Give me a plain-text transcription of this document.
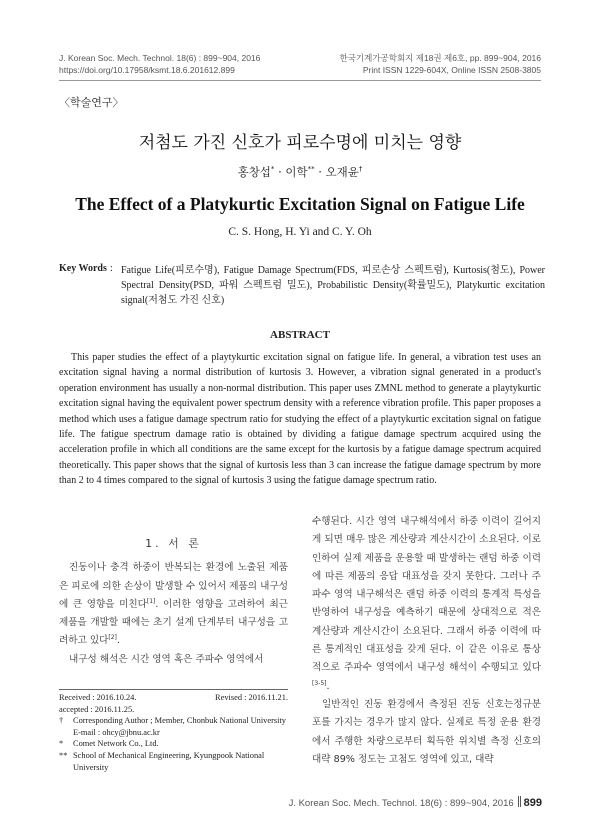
J. Korean Soc. Mech. Technol. 18(6) : 899~904, 2016
https://doi.org/10.17958/ksmt.18.6.201612.899
한국기계가공학회지 제18권 제6호, pp. 899~904, 2016
Print ISSN 1229-604X, Online ISSN 2508-3805
〈학술연구〉
저첨도 가진 신호가 피로수명에 미치는 영향
홍창섭* · 이학** · 오재윤†
The Effect of a Platykurtic Excitation Signal on Fatigue Life
C. S. Hong, H. Yi and C. Y. Oh
Key Words : Fatigue Life(피로수명), Fatigue Damage Spectrum(FDS, 피로손상 스펙트럼), Kurtosis(첨도), Power Spectral Density(PSD, 파워 스펙트럼 밀도), Probabilistic Density(확률밀도), Platykurtic excitation signal(저첨도 가진 신호)
ABSTRACT
This paper studies the effect of a playtykurtic excitation signal on fatigue life. In general, a vibration test uses an excitation signal having a normal distribution of kurtosis 3. However, a vibration signal generated in a product's operation environment has usually a non-normal distribution. This paper uses ZMNL method to generate a playtykurtic excitation signal having the equivalent power spectrum density with a reference vibration profile. This paper proposes a method which uses a fatigue damage spectrum ratio for studying the effect of a playtykurtic excitation signal on fatigue life. The fatigue spectrum damage ratio is obtained by dividing a fatigue damage spectrum acquired using the acceleration profile in which all conditions are the same except for the kurtosis by a fatigue damage spectrum acquired theoretically. This paper shows that the signal of kurtosis less than 3 can increase the fatigue damage spectrum by more than 2 to 4 times compared to the signal of kurtosis 3 using the fatigue damage spectrum ratio.

1. 서 론

진동이나 충격 하중이 반복되는 환경에 노출된 제품은 피로에 의한 손상이 발생할 수 있어서 제품의 내구성에 큰 영향을 미친다[1]. 이러한 영향을 고려하여 최근 제품을 개발할 때에는 초기 설계 단계부터 내구성을 고려하고 있다[2].

내구성 해석은 시간 영역 혹은 주파수 영역에서

수행된다. 시간 영역 내구해석에서 하중 이력이 길어지게 되면 매우 많은 계산량과 계산시간이 소요된다. 이로 인하여 실제 제품을 운용할 때 발생하는 랜덤 하중 이력에 따른 제품의 응답 대표성을 갖지 못한다. 그러나 주파수 영역 내구해석은 랜덤 하중 이력의 통계적 특성을 반영하여 내구성을 예측하기 때문에 상대적으로 적은 계산량과 계산시간이 소요된다. 그래서 하중 이력에 따른 통계적인 대표성을 갖게 된다. 이 같은 이유로 통상적으로 주파수 영역에서 내구성 해석이 수행되고 있다[3-5].

일반적인 진동 환경에서 측정된 진동 신호는정규분포를 가지는 경우가 많지 않다. 실제로 특정 운용 환경에서 주행한 차량으로부터 획득한 위치별 측정 신호의 대략 89% 정도는 고첨도 영역에 있고, 대략

Received : 2016.10.24.	Revised : 2016.11.21.
accepted : 2016.11.25.
† Corresponding Author ; Member, Chonbuk National University
E-mail : ohcy@jbnu.ac.kr
* Comet Network Co., Ltd.
** School of Mechanical Engineering, Kyungpook National University
J. Korean Soc. Mech. Technol. 18(6) : 899~904, 2016 899
